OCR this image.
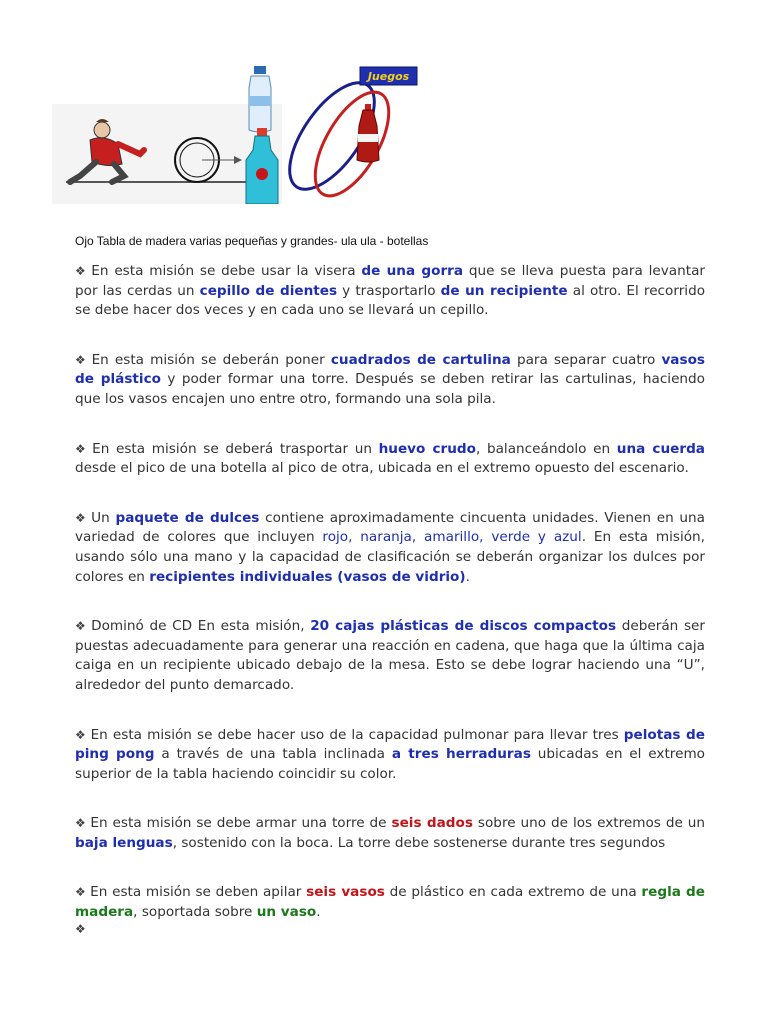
Juegos
Ojo Tabla de madera varias pequeñas y grandes- ula ula - botellas
❖ En esta misión se debe usar la visera de una gorra que se lleva puesta para levantar por las cerdas un cepillo de dientes y trasportarlo de un recipiente al otro. El recorrido se debe hacer dos veces y en cada uno se llevará un cepillo.
❖ En esta misión se deberán poner cuadrados de cartulina para separar cuatro vasos de plástico y poder formar una torre. Después se deben retirar las cartulinas, haciendo que los vasos encajen uno entre otro, formando una sola pila.
❖ En esta misión se deberá trasportar un huevo crudo, balanceándolo en una cuerda desde el pico de una botella al pico de otra, ubicada en el extremo opuesto del escenario.
❖ Un paquete de dulces contiene aproximadamente cincuenta unidades. Vienen en una variedad de colores que incluyen rojo, naranja, amarillo, verde y azul. En esta misión, usando sólo una mano y la capacidad de clasificación se deberán organizar los dulces por colores en recipientes individuales (vasos de vidrio).
❖ Dominó de CD En esta misión, 20 cajas plásticas de discos compactos deberán ser puestas adecuadamente para generar una reacción en cadena, que haga que la última caja caiga en un recipiente ubicado debajo de la mesa. Esto se debe lograr haciendo una “U”, alrededor del punto demarcado.
❖ En esta misión se debe hacer uso de la capacidad pulmonar para llevar tres pelotas de ping pong a través de una tabla inclinada a tres herraduras ubicadas en el extremo superior de la tabla haciendo coincidir su color.
❖ En esta misión se debe armar una torre de seis dados sobre uno de los extremos de un baja lenguas, sostenido con la boca. La torre debe sostenerse durante tres segundos
❖ En esta misión se deben apilar seis vasos de plástico en cada extremo de una regla de madera, soportada sobre un vaso.
❖
